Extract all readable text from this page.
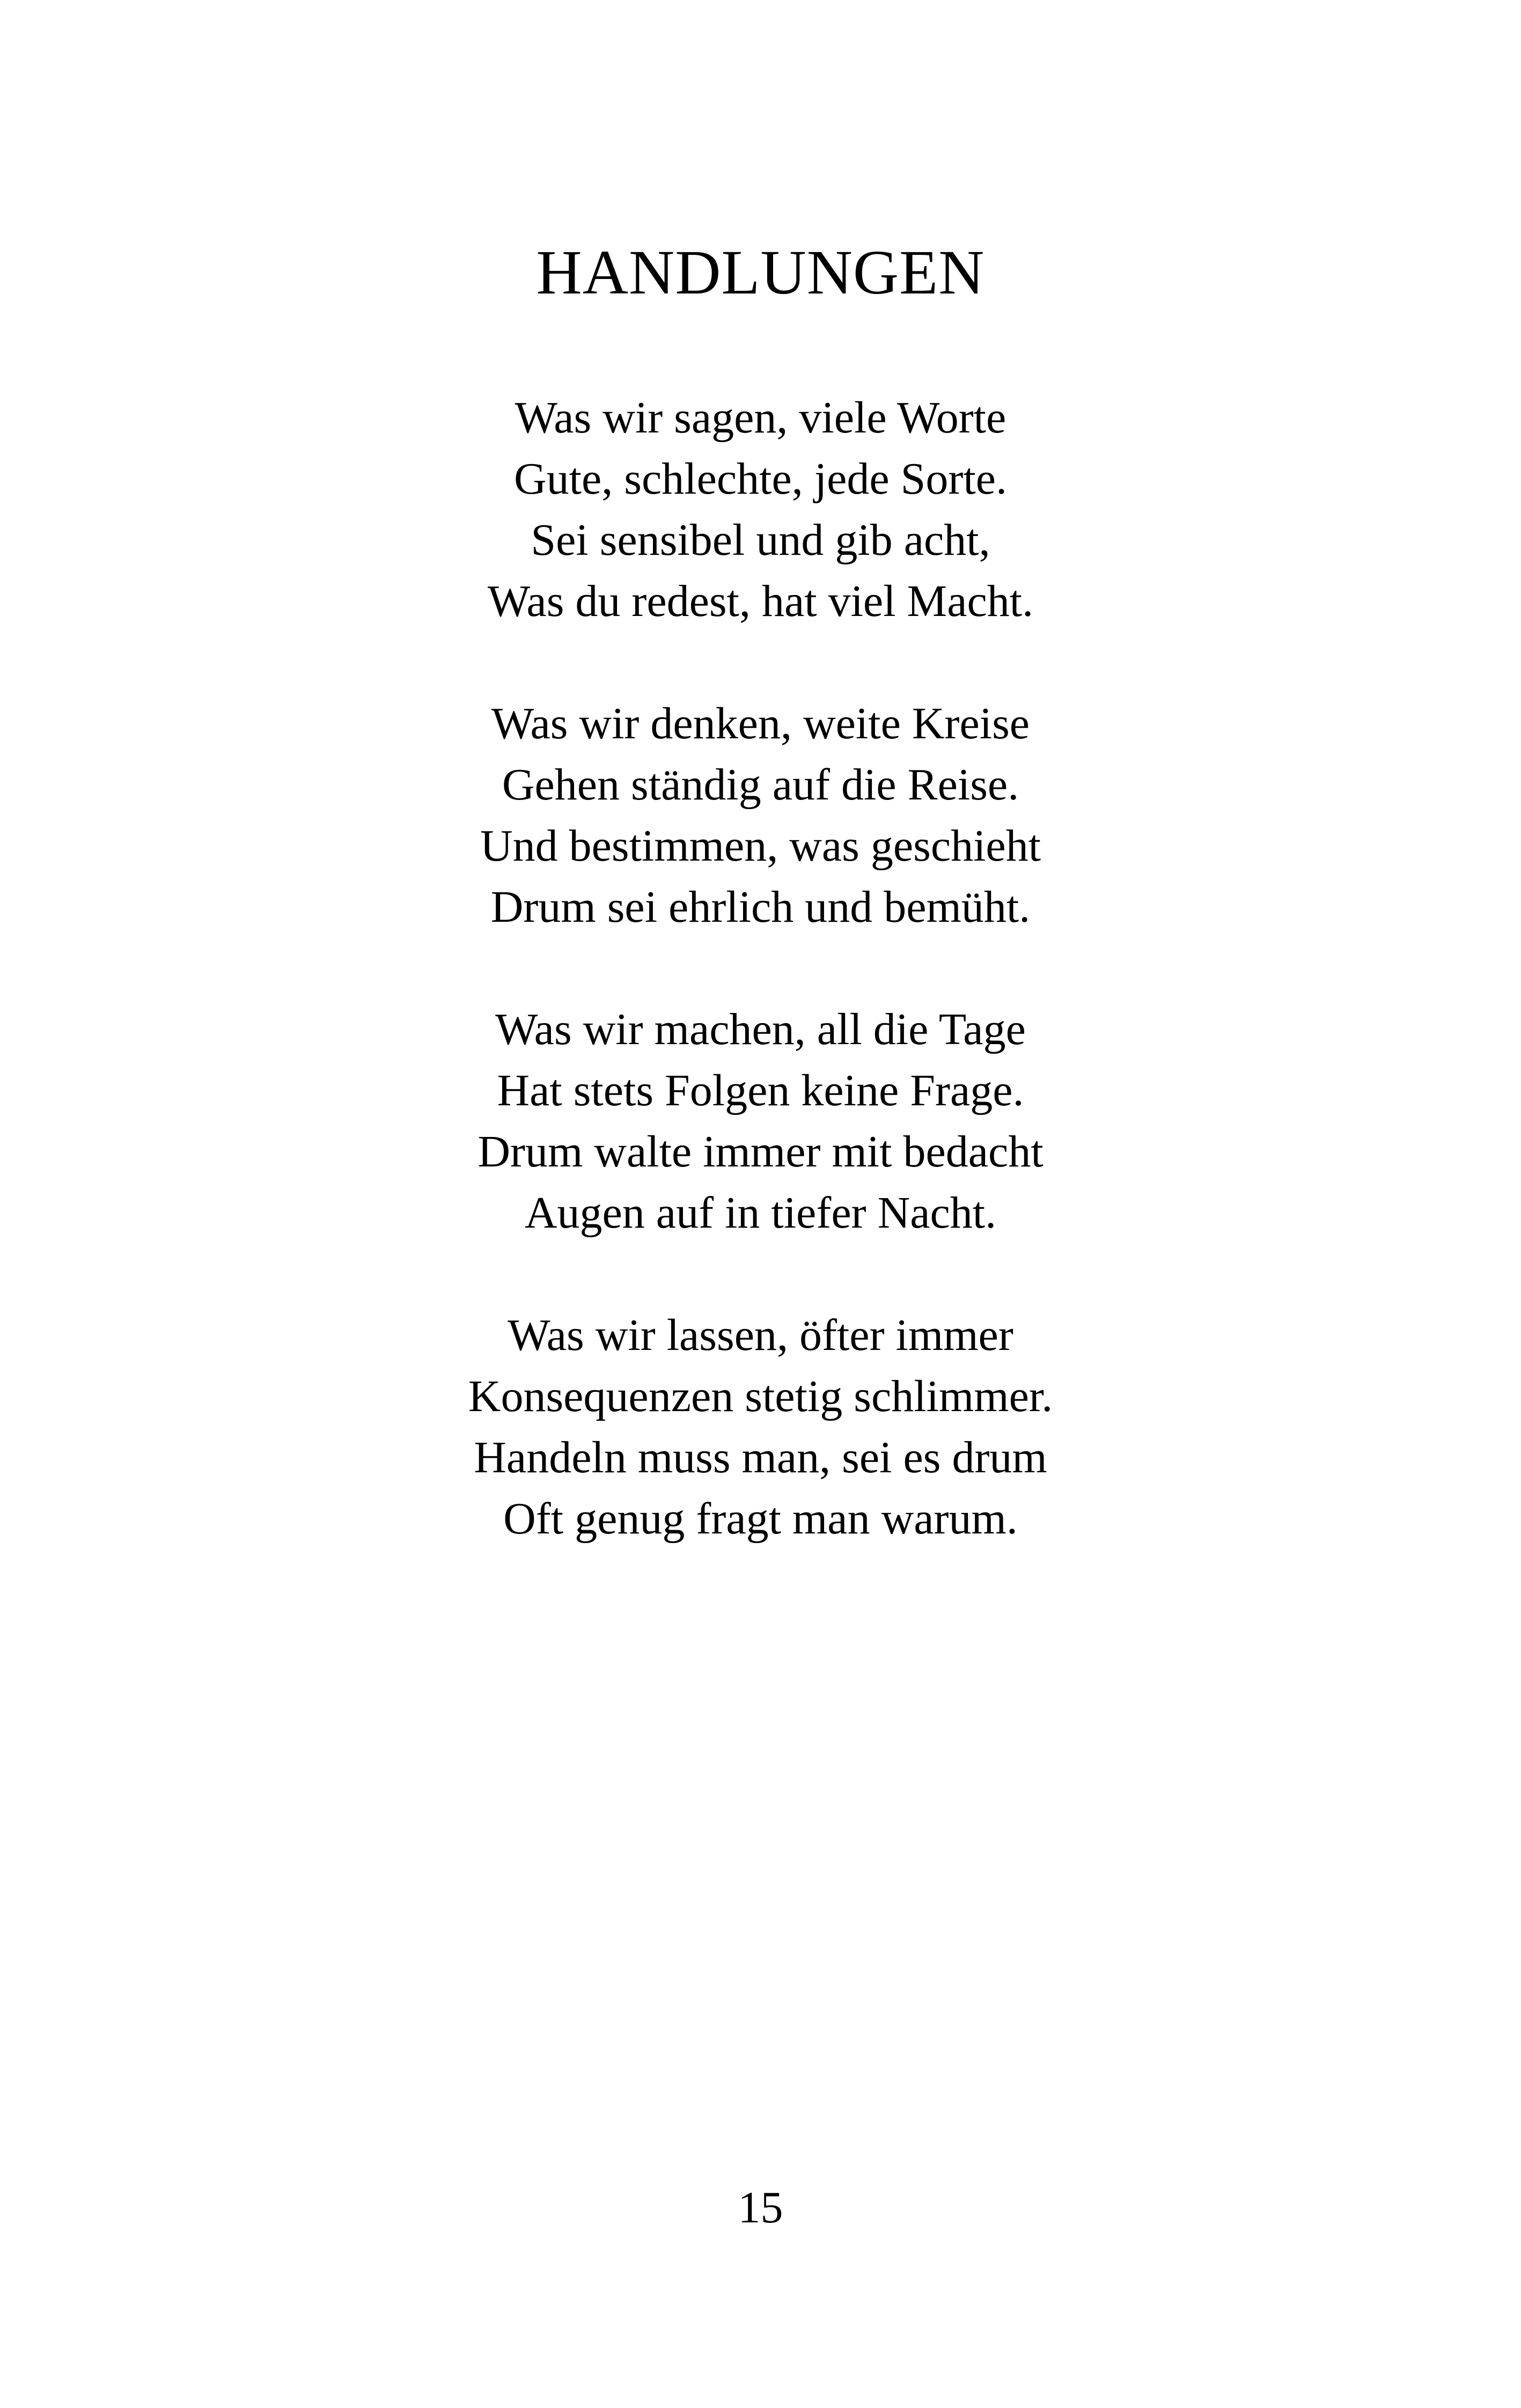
HANDLUNGEN
Was wir sagen, viele Worte
Gute, schlechte, jede Sorte.
Sei sensibel und gib acht,
Was du redest, hat viel Macht.
Was wir denken, weite Kreise
Gehen ständig auf die Reise.
Und bestimmen, was geschieht
Drum sei ehrlich und bemüht.
Was wir machen, all die Tage
Hat stets Folgen keine Frage.
Drum walte immer mit bedacht
Augen auf in tiefer Nacht.
Was wir lassen, öfter immer
Konsequenzen stetig schlimmer.
Handeln muss man, sei es drum
Oft genug fragt man warum.
15
